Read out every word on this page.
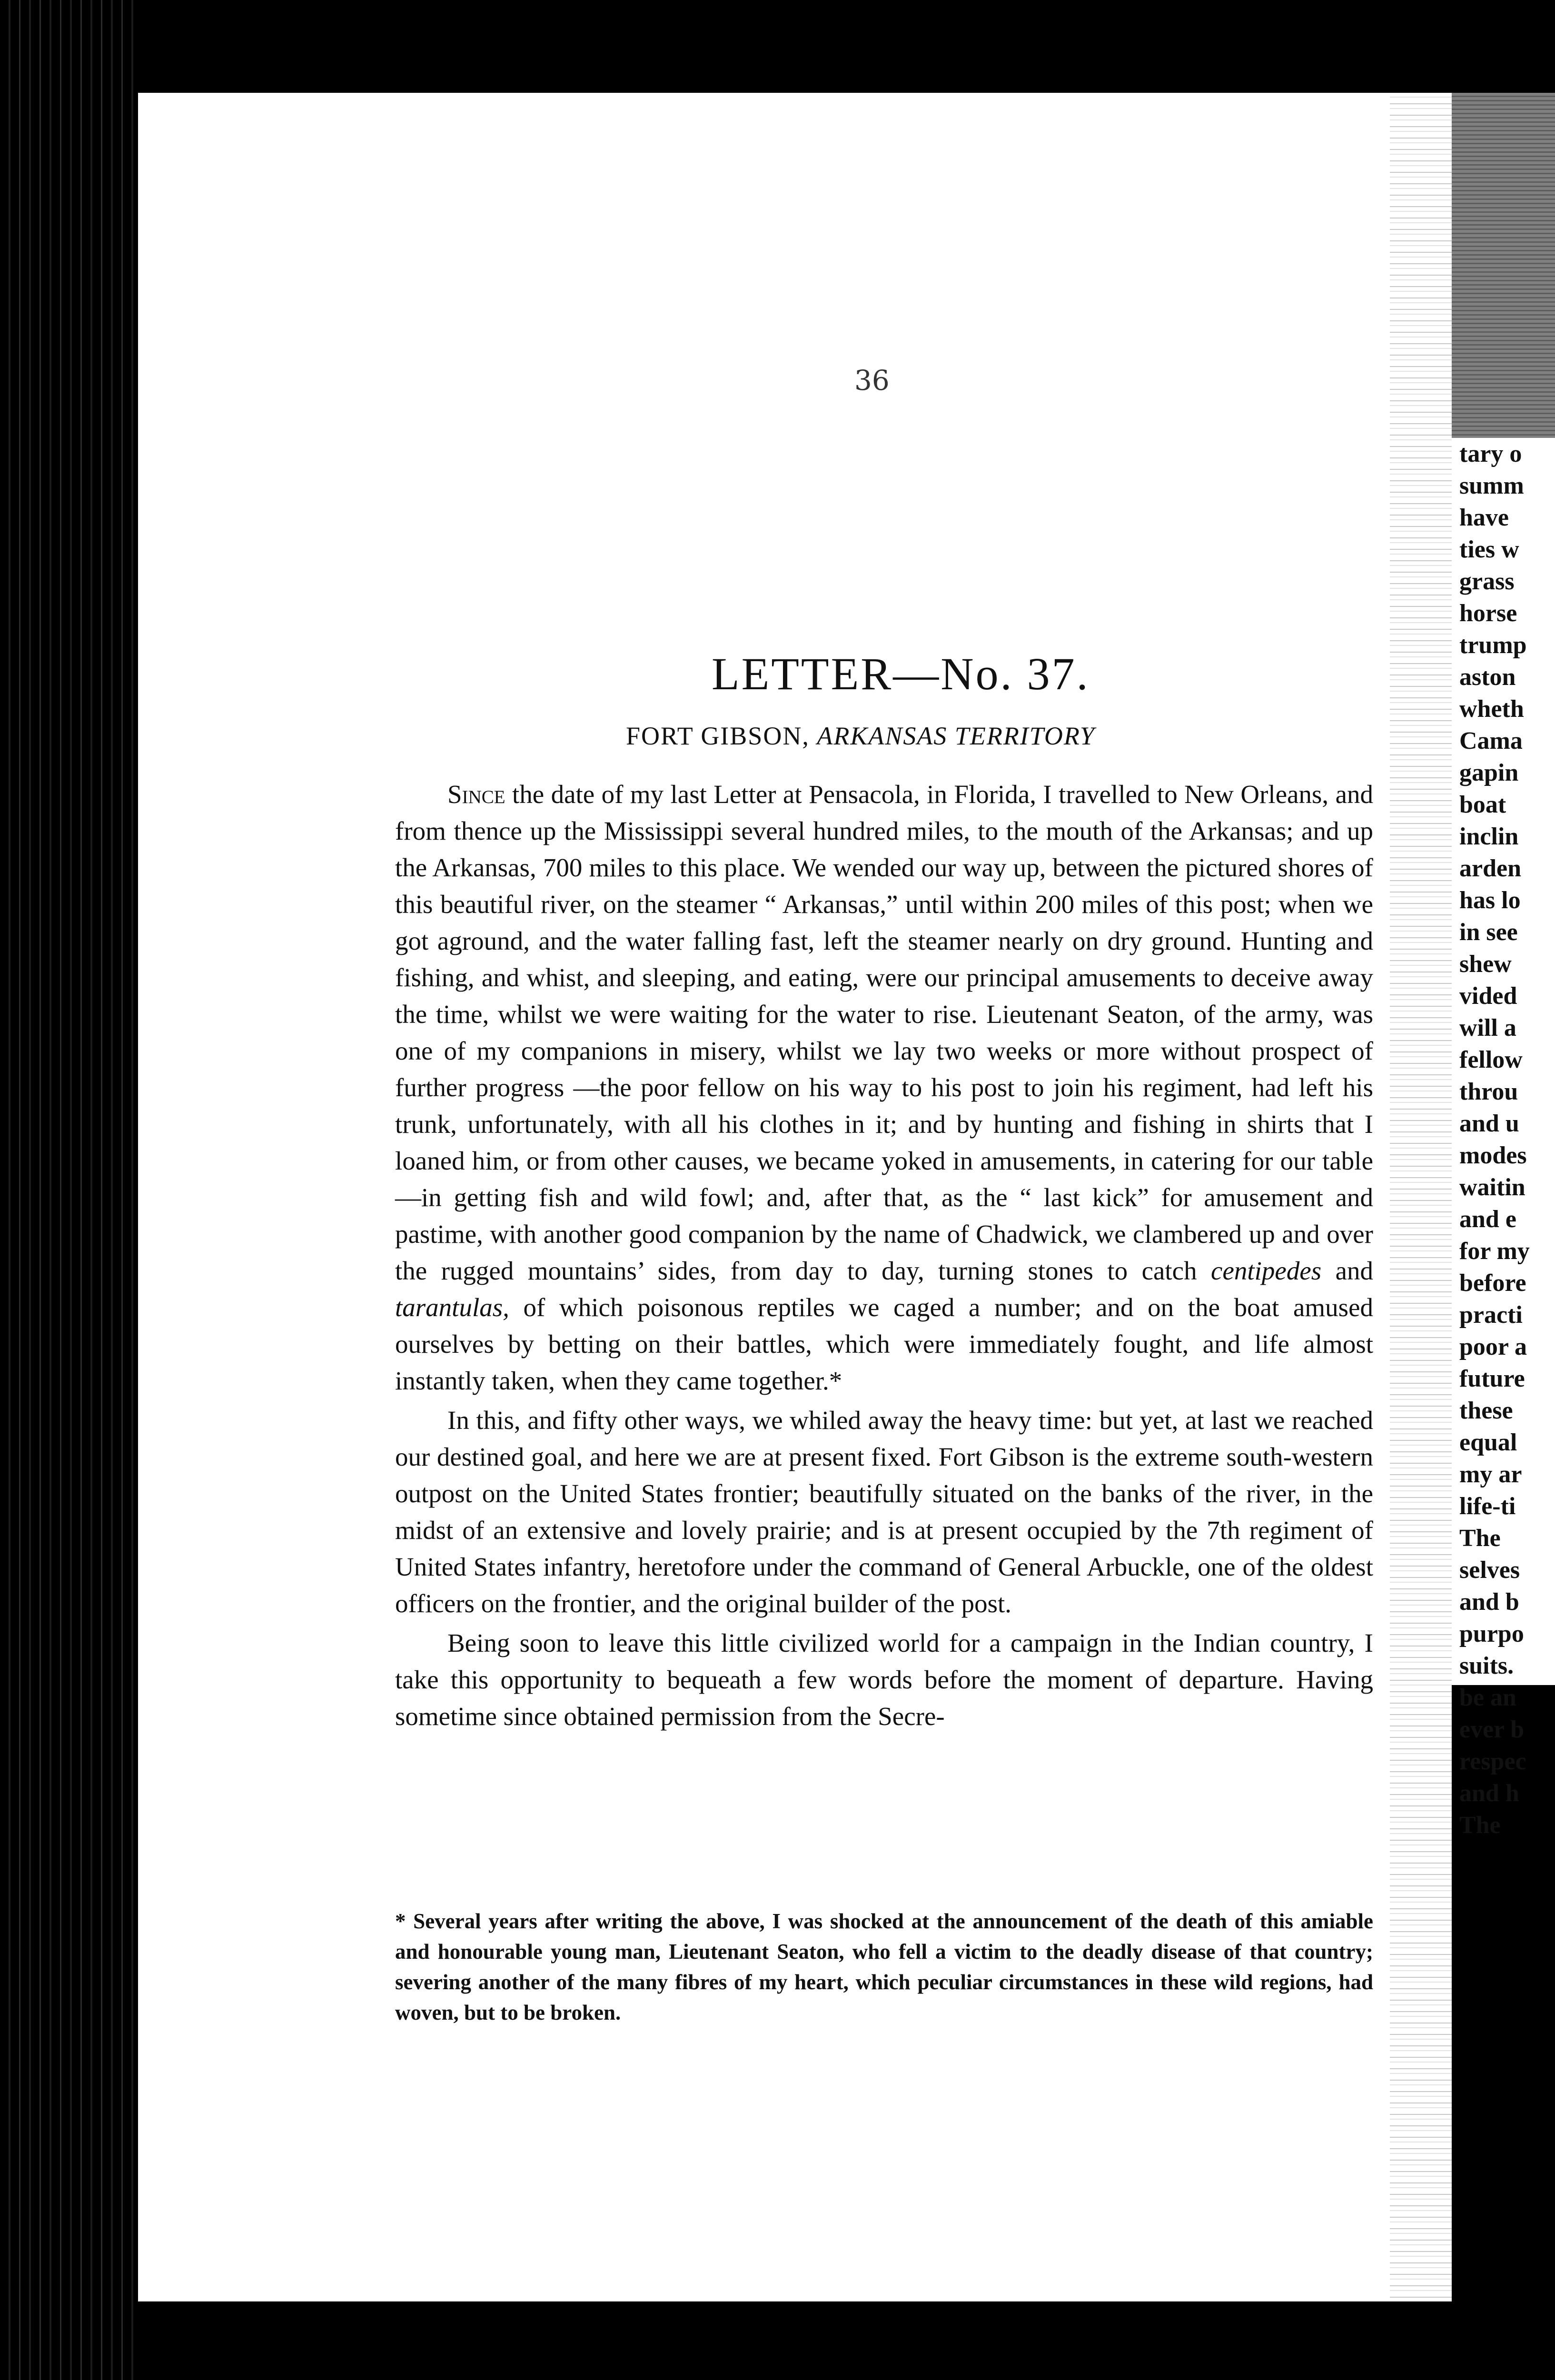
36
LETTER—No. 37.
FORT GIBSON, ARKANSAS TERRITORY

  Since the date of my last Letter at Pensacola, in Florida, I travelled to New Orleans, and from thence up the Mississippi several hundred miles, to the mouth of the Arkansas; and up the Arkansas, 700 miles to this place. We wended our way up, between the pictured shores of this beautiful river, on the steamer “ Arkansas,” until within 200 miles of this post; when we got aground, and the water falling fast, left the steamer nearly on dry ground. Hunting and fishing, and whist, and sleeping, and eating, were our principal amusements to deceive away the time, whilst we were waiting for the water to rise. Lieutenant Seaton, of the army, was one of my companions in misery, whilst we lay two weeks or more without prospect of further progress —the poor fellow on his way to his post to join his regiment, had left his trunk, unfortunately, with all his clothes in it; and by hunting and fishing in shirts that I loaned him, or from other causes, we became yoked in amusements, in catering for our table—in getting fish and wild fowl; and, after that, as the “ last kick” for amusement and pastime, with another good companion by the name of Chadwick, we clambered up and over the rugged mountains’ sides, from day to day, turning stones to catch centipedes and tarantulas, of which poisonous reptiles we caged a number; and on the boat amused ourselves by betting on their battles, which were immediately fought, and life almost instantly taken, when they came together.*

  In this, and fifty other ways, we whiled away the heavy time: but yet, at last we reached our destined goal, and here we are at present fixed. Fort Gibson is the extreme south-western outpost on the United States frontier; beautifully situated on the banks of the river, in the midst of an extensive and lovely prairie; and is at present occupied by the 7th regiment of United States infantry, heretofore under the command of General Arbuckle, one of the oldest officers on the frontier, and the original builder of the post.

  Being soon to leave this little civilized world for a campaign in the Indian country, I take this opportunity to bequeath a few words before the moment of departure. Having sometime since obtained permission from the Secre-

* Several years after writing the above, I was shocked at the announcement of the death of this amiable and honourable young man, Lieutenant Seaton, who fell a victim to the deadly disease of that country; severing another of the many fibres of my heart, which peculiar circumstances in these wild regions, had woven, but to be broken.
tary o
summ
have
ties w
grass
horse
trump
aston
wheth
Cama
gapin
boat
inclin
arden
has lo
in see
shew
vided
will a
fellow
throu
and u
modes
waitin
and e
for my
before
practi
poor a
future
these
equal
my ar
life-ti
The
selves
and b
purpo
suits.
be an
ever b
respec
and h
The
